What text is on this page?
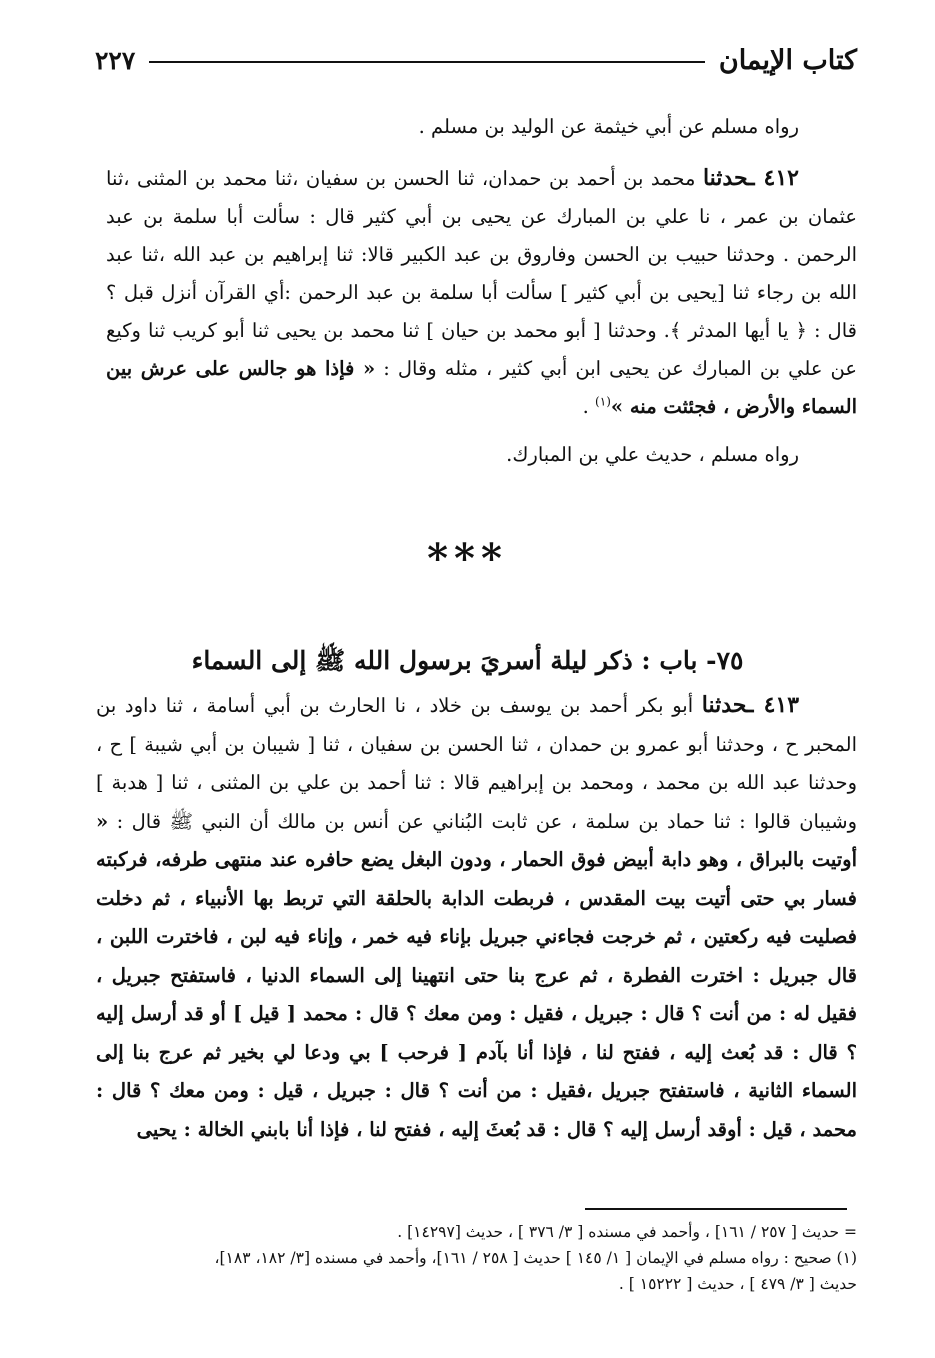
كتاب الإيمان
٢٢٧

رواه مسلم عن أبي خيثمة عن الوليد بن مسلم .

٤١٢ ـحدثنا محمد بن أحمد بن حمدان، ثنا الحسن بن سفيان ،ثنا محمد بن المثنى ،ثنا عثمان بن عمر ، نا علي بن المبارك عن يحيى بن أبي كثير قال : سألت أبا سلمة بن عبد الرحمن . وحدثنا حبيب بن الحسن وفاروق بن عبد الكبير قالا: ثنا إبراهيم بن عبد الله ،ثنا عبد الله بن رجاء ثنا [يحيى بن أبي كثير ] سألت أبا سلمة بن عبد الرحمن :أي القرآن أنزل قبل ؟ قال : ﴿ يا أيها المدثر ﴾. وحدثنا [ أبو محمد بن حيان ] ثنا محمد بن يحيى ثنا أبو كريب ثنا وكيع عن علي بن المبارك عن يحيى ابن أبي كثير ، مثله وقال : « فإذا هو جالس على عرش بين السماء والأرض ، فجئثت منه »$^{(١)}$ .

رواه مسلم ، حديث علي بن المبارك.

***
٧٥- باب : ذكر ليلة أسريَ برسول الله ﷺ إلى السماء

٤١٣ ـحدثنا أبو بكر أحمد بن يوسف بن خلاد ، نا الحارث بن أبي أسامة ، ثنا داود بن المحبر ح ، وحدثنا أبو عمرو بن حمدان ، ثنا الحسن بن سفيان ، ثنا [ شيبان بن أبي شيبة ] ح ، وحدثنا عبد الله بن محمد ، ومحمد بن إبراهيم قالا : ثنا أحمد بن علي بن المثنى ، ثنا [ هدبة ] وشيبان قالوا : ثنا حماد بن سلمة ، عن ثابت البُناني عن أنس بن مالك أن النبي ﷺ قال : « أوتيت بالبراق ، وهو دابة أبيض فوق الحمار ، ودون البغل يضع حافره عند منتهى طرفه، فركبته فسار بي حتى أتيت بيت المقدس ، فربطت الدابة بالحلقة التي تربط بها الأنبياء ، ثم دخلت فصليت فيه ركعتين ، ثم خرجت فجاءني جبريل بإناء فيه خمر ، وإناء فيه لبن ، فاخترت اللبن ، قال جبريل : اخترت الفطرة ، ثم عرج بنا حتى انتهينا إلى السماء الدنيا ، فاستفتح جبريل ، فقيل له : من أنت ؟ قال : جبريل ، فقيل : ومن معك ؟ قال : محمد [ قيل ] أو قد أرسل إليه ؟ قال : قد بُعث إليه ، ففتح لنا ، فإذا أنا بآدم [ فرحب ] بي ودعا لي بخير ثم عرج بنا إلى السماء الثانية ، فاستفتح جبريل ،فقيل : من أنت ؟ قال : جبريل ، قيل : ومن معك ؟ قال : محمد ، قيل : أوقد أرسل إليه ؟ قال : قد بُعثَ إليه ، ففتح لنا ، فإذا أنا بابني الخالة : يحيى

= حديث [ ٢٥٧ / ١٦١] ، وأحمد في مسنده [ ٣/ ٣٧٦ ] ، حديث [١٤٢٩٧] .

(١) صحيح : رواه مسلم في الإيمان [ ١/ ١٤٥ ] حديث [ ٢٥٨ / ١٦١]، وأحمد في مسنده [٣/ ١٨٢، ١٨٣]،

حديث [ ٣/ ٤٧٩ ] ، حديث [ ١٥٢٢٢ ] .
